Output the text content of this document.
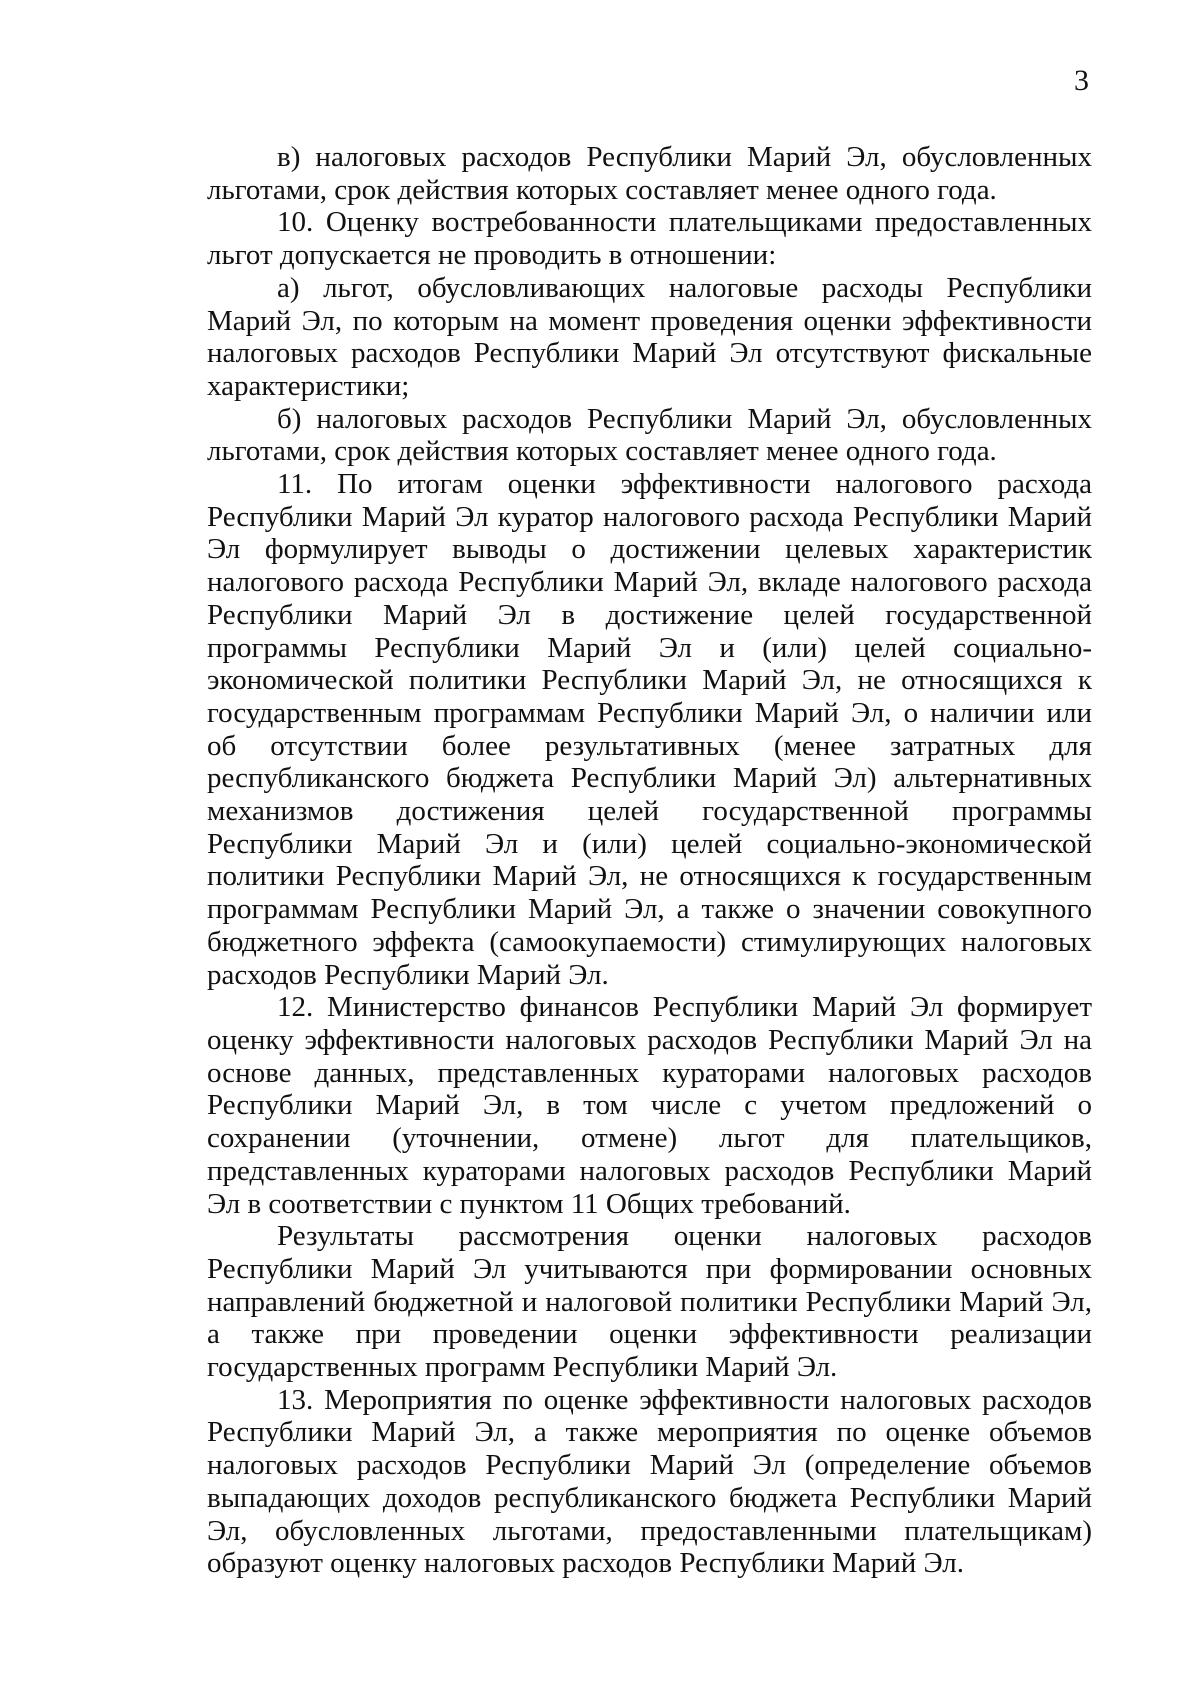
3

в) налоговых расходов Республики Марий Эл, обусловленных льготами, срок действия которых составляет менее одного года.

10. Оценку востребованности плательщиками предоставленных льгот допускается не проводить в отношении:

а) льгот, обусловливающих налоговые расходы Республики Марий Эл, по которым на момент проведения оценки эффективности налоговых расходов Республики Марий Эл отсутствуют фискальные характеристики;

б) налоговых расходов Республики Марий Эл, обусловленных льготами, срок действия которых составляет менее одного года.

11. По итогам оценки эффективности налогового расхода Республики Марий Эл куратор налогового расхода Республики Марий Эл формулирует выводы о достижении целевых характеристик налогового расхода Республики Марий Эл, вкладе налогового расхода Республики Марий Эл в достижение целей государственной программы Республики Марий Эл и (или) целей социально-экономической политики Республики Марий Эл, не относящихся к государственным программам Республики Марий Эл, о наличии или об отсутствии более результативных (менее затратных для республиканского бюджета Республики Марий Эл) альтернативных механизмов достижения целей государственной программы Республики Марий Эл и (или) целей социально-экономической политики Республики Марий Эл, не относящихся к государственным программам Республики Марий Эл, а также о значении совокупного бюджетного эффекта (самоокупаемости) стимулирующих налоговых расходов Республики Марий Эл.

12. Министерство финансов Республики Марий Эл формирует оценку эффективности налоговых расходов Республики Марий Эл на основе данных, представленных кураторами налоговых расходов Республики Марий Эл, в том числе с учетом предложений о сохранении (уточнении, отмене) льгот для плательщиков, представленных кураторами налоговых расходов Республики Марий Эл в соответствии с пунктом 11 Общих требований.

Результаты рассмотрения оценки налоговых расходов Республики Марий Эл учитываются при формировании основных направлений бюджетной и налоговой политики Республики Марий Эл, а также при проведении оценки эффективности реализации государственных программ Республики Марий Эл.

13. Мероприятия по оценке эффективности налоговых расходов Республики Марий Эл, а также мероприятия по оценке объемов налоговых расходов Республики Марий Эл (определение объемов выпадающих доходов республиканского бюджета Республики Марий Эл, обусловленных льготами, предоставленными плательщикам) образуют оценку налоговых расходов Республики Марий Эл.
